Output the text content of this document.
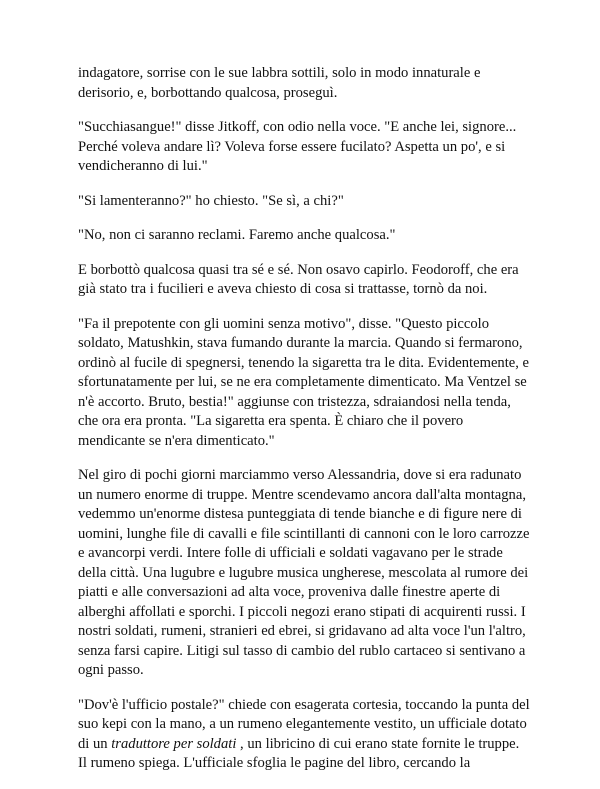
indagatore, sorrise con le sue labbra sottili, solo in modo innaturale e derisorio, e, borbottando qualcosa, proseguì.

"Succhiasangue!" disse Jitkoff, con odio nella voce. "E anche lei, signore... Perché voleva andare lì? Voleva forse essere fucilato? Aspetta un po', e si vendicheranno di lui."

"Si lamenteranno?" ho chiesto. "Se sì, a chi?"

"No, non ci saranno reclami. Faremo anche qualcosa."

E borbottò qualcosa quasi tra sé e sé. Non osavo capirlo. Feodoroff, che era già stato tra i fucilieri e aveva chiesto di cosa si trattasse, tornò da noi.

"Fa il prepotente con gli uomini senza motivo", disse. "Questo piccolo soldato, Matushkin, stava fumando durante la marcia. Quando si fermarono, ordinò al fucile di spegnersi, tenendo la sigaretta tra le dita. Evidentemente, e sfortunatamente per lui, se ne era completamente dimenticato. Ma Ventzel se n'è accorto. Bruto, bestia!" aggiunse con tristezza, sdraiandosi nella tenda, che ora era pronta. "La sigaretta era spenta. È chiaro che il povero mendicante se n'era dimenticato."

Nel giro di pochi giorni marciammo verso Alessandria, dove si era radunato un numero enorme di truppe. Mentre scendevamo ancora dall'alta montagna, vedemmo un'enorme distesa punteggiata di tende bianche e di figure nere di uomini, lunghe file di cavalli e file scintillanti di cannoni con le loro carrozze e avancorpi verdi. Intere folle di ufficiali e soldati vagavano per le strade della città. Una lugubre e lugubre musica ungherese, mescolata al rumore dei piatti e alle conversazioni ad alta voce, proveniva dalle finestre aperte di alberghi affollati e sporchi. I piccoli negozi erano stipati di acquirenti russi. I nostri soldati, rumeni, stranieri ed ebrei, si gridavano ad alta voce l'un l'altro, senza farsi capire. Litigi sul tasso di cambio del rublo cartaceo si sentivano a ogni passo.

"Dov'è l'ufficio postale?" chiede con esagerata cortesia, toccando la punta del suo kepi con la mano, a un rumeno elegantemente vestito, un ufficiale dotato di un traduttore per soldati , un libricino di cui erano state fornite le truppe. Il rumeno spiega. L'ufficiale sfoglia le pagine del libro, cercando la
